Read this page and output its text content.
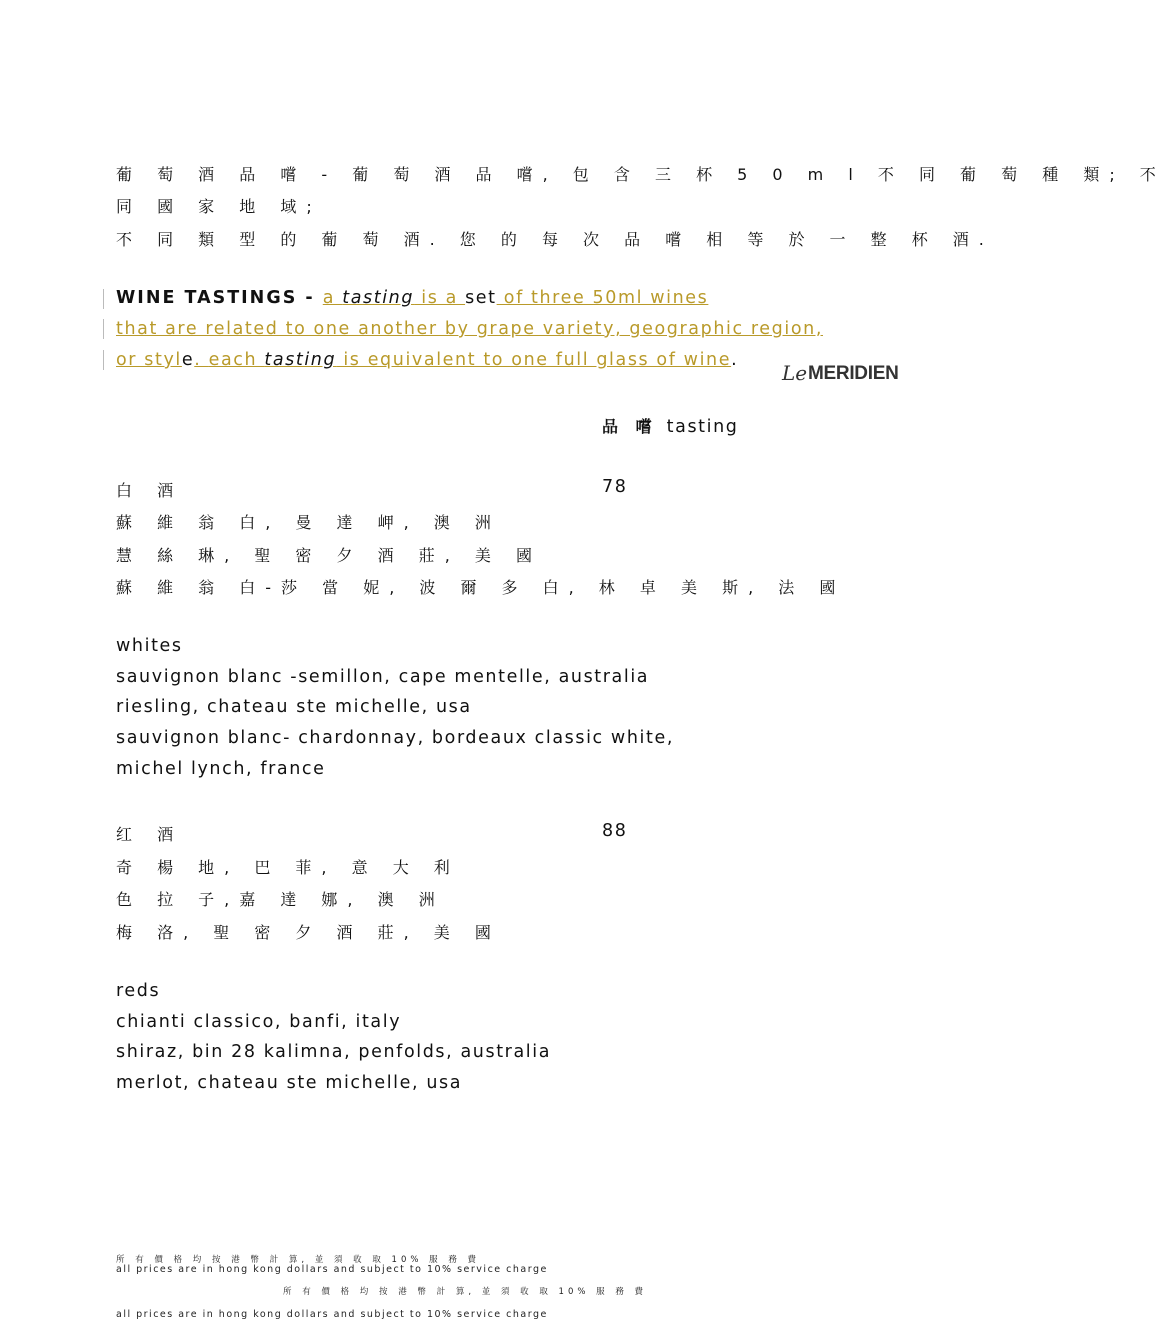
葡 萄 酒 品 嚐 - 葡 萄 酒 品 嚐, 包 含 三 杯 5 0 m l 不 同 葡 萄 種 類; 不
同 國 家 地 域;
不 同 類 型 的 葡 萄 酒. 您 的 每 次 品 嚐 相 等 於 一 整 杯 酒.
WINE TASTINGS - a tasting is a set of three 50ml wines
that are related to one another by grape variety, geographic region,
or style. each tasting is equivalent to one full glass of wine.
Le MERIDIEN
品 嚐 tasting
白 酒	78
蘇 維 翁 白, 曼 達 岬, 澳 洲
慧 絲 琳, 聖 密 夕 酒 莊, 美 國
蘇 維 翁 白-莎 當 妮, 波 爾 多 白, 林 卓 美 斯, 法 國
whites
sauvignon blanc -semillon, cape mentelle, australia
riesling, chateau ste michelle, usa
sauvignon blanc- chardonnay, bordeaux classic white,
michel lynch, france
红 酒	88
奇 楊 地, 巴 菲, 意 大 利
色 拉 子,嘉 達 娜, 澳 洲
梅 洛, 聖 密 夕 酒 莊, 美 國
reds
chianti classico, banfi, italy
shiraz, bin 28 kalimna, penfolds, australia
merlot, chateau ste michelle, usa
所 有 價 格 均 按 港 幣 計 算, 並 須 收 取 10% 服 務 費
all prices are in hong kong dollars and subject to 10% service charge
所 有 價 格 均 按 港 幣 計 算, 並 須 收 取 10% 服 務 費
all prices are in hong kong dollars and subject to 10% service charge
